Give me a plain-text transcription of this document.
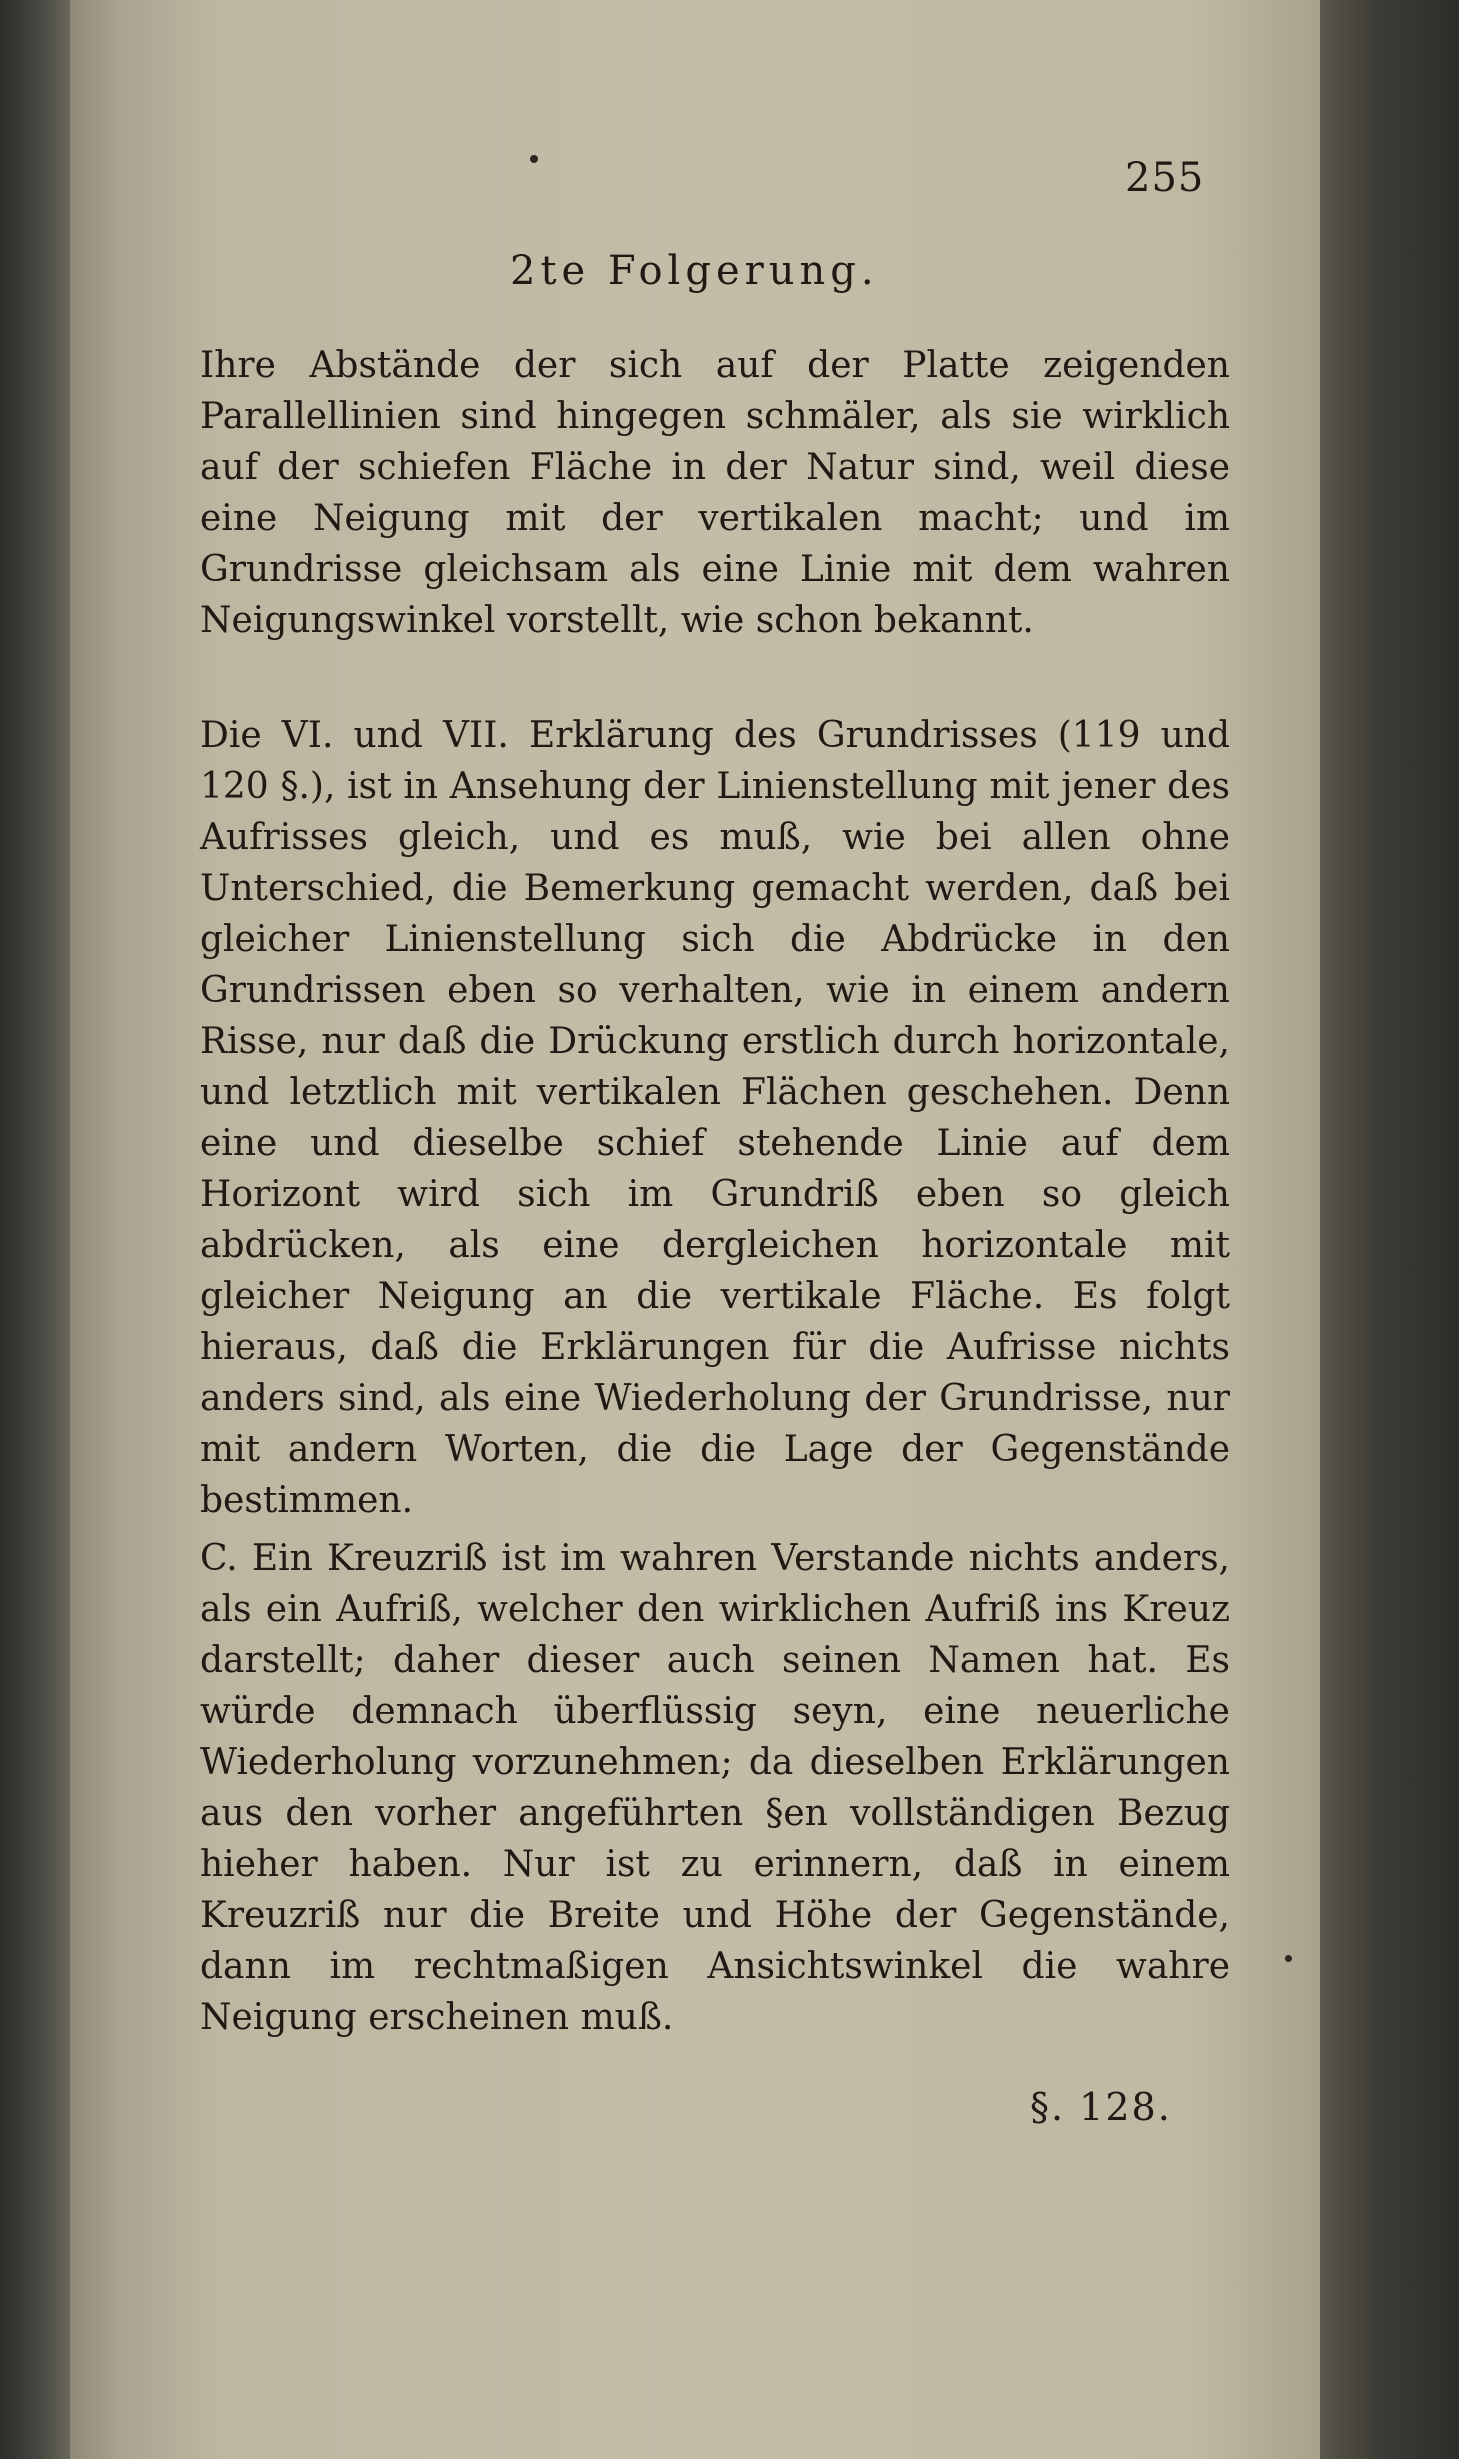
255
2te Folgerung.

Ihre Abstände der sich auf der Platte zeigenden Parallellinien sind hingegen schmäler, als sie wirklich auf der schiefen Fläche in der Natur sind, weil diese eine Neigung mit der vertikalen macht; und im Grundrisse gleichsam als eine Linie mit dem wahren Neigungswinkel vorstellt, wie schon bekannt.

Die VI. und VII. Erklärung des Grundrisses (119 und 120 §.), ist in Ansehung der Linienstellung mit jener des Aufrisses gleich, und es muß, wie bei allen ohne Unterschied, die Bemerkung gemacht werden, daß bei gleicher Linienstellung sich die Abdrücke in den Grundrissen eben so verhalten, wie in einem andern Risse, nur daß die Drückung erstlich durch horizontale, und letztlich mit vertikalen Flächen geschehen. Denn eine und dieselbe schief stehende Linie auf dem Horizont wird sich im Grundriß eben so gleich abdrücken, als eine dergleichen horizontale mit gleicher Neigung an die vertikale Fläche. Es folgt hieraus, daß die Erklärungen für die Aufrisse nichts anders sind, als eine Wiederholung der Grundrisse, nur mit andern Worten, die die Lage der Gegenstände bestimmen.

C. Ein Kreuzriß ist im wahren Verstande nichts anders, als ein Aufriß, welcher den wirklichen Aufriß ins Kreuz darstellt; daher dieser auch seinen Namen hat. Es würde demnach überflüssig seyn, eine neuerliche Wiederholung vorzunehmen; da dieselben Erklärungen aus den vorher angeführten §en vollständigen Bezug hieher haben. Nur ist zu erinnern, daß in einem Kreuzriß nur die Breite und Höhe der Gegenstände, dann im rechtmaßigen Ansichtswinkel die wahre Neigung erscheinen muß.

§. 128.
